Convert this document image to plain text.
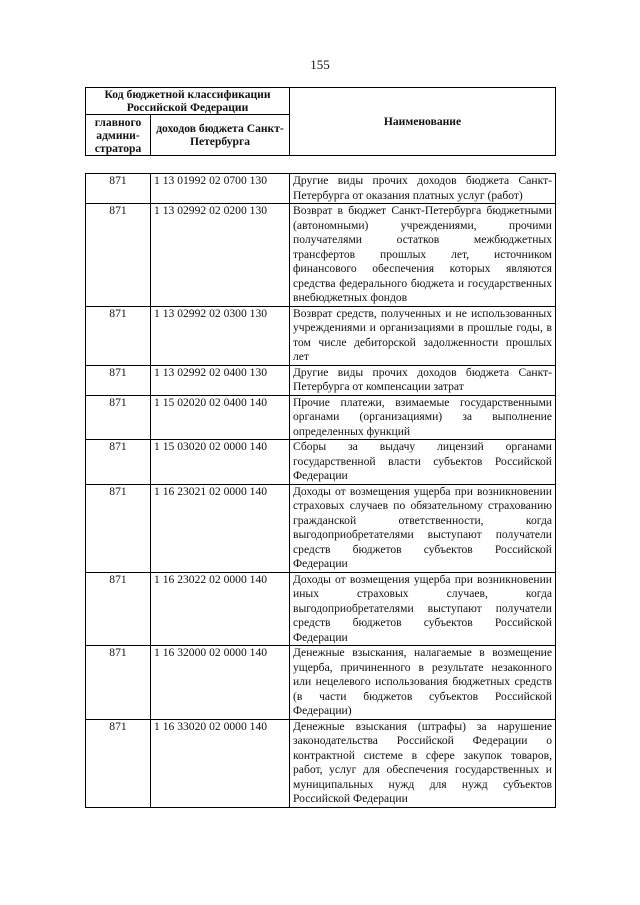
155
Код бюджетной классификации Российской Федерации		Наименование
главного админи-стратора	доходов бюджета Санкт-Петербурга	
871	1 13 01992 02 0700 130	Другие виды прочих доходов бюджета Санкт-Петербурга от оказания платных услуг (работ)
871	1 13 02992 02 0200 130	Возврат в бюджет Санкт-Петербурга бюджетными (автономными) учреждениями, прочими получателями остатков межбюджетных трансфертов прошлых лет, источником финансового обеспечения которых являются средства федерального бюджета и государственных внебюджетных фондов
871	1 13 02992 02 0300 130	Возврат средств, полученных и не использованных учреждениями и организациями в прошлые годы, в том числе дебиторской задолженности прошлых лет
871	1 13 02992 02 0400 130	Другие виды прочих доходов бюджета Санкт-Петербурга от компенсации затрат
871	1 15 02020 02 0400 140	Прочие платежи, взимаемые государственными органами (организациями) за выполнение определенных функций
871	1 15 03020 02 0000 140	Сборы за выдачу лицензий органами государственной власти субъектов Российской Федерации
871	1 16 23021 02 0000 140	Доходы от возмещения ущерба при возникновении страховых случаев по обязательному страхованию гражданской ответственности, когда выгодоприобретателями выступают получатели средств бюджетов субъектов Российской Федерации
871	1 16 23022 02 0000 140	Доходы от возмещения ущерба при возникновении иных страховых случаев, когда выгодоприобретателями выступают получатели средств бюджетов субъектов Российской Федерации
871	1 16 32000 02 0000 140	Денежные взыскания, налагаемые в возмещение ущерба, причиненного в результате незаконного или нецелевого использования бюджетных средств (в части бюджетов субъектов Российской Федерации)
871	1 16 33020 02 0000 140	Денежные взыскания (штрафы) за нарушение законодательства Российской Федерации о контрактной системе в сфере закупок товаров, работ, услуг для обеспечения государственных и муниципальных нужд для нужд субъектов Российской Федерации
